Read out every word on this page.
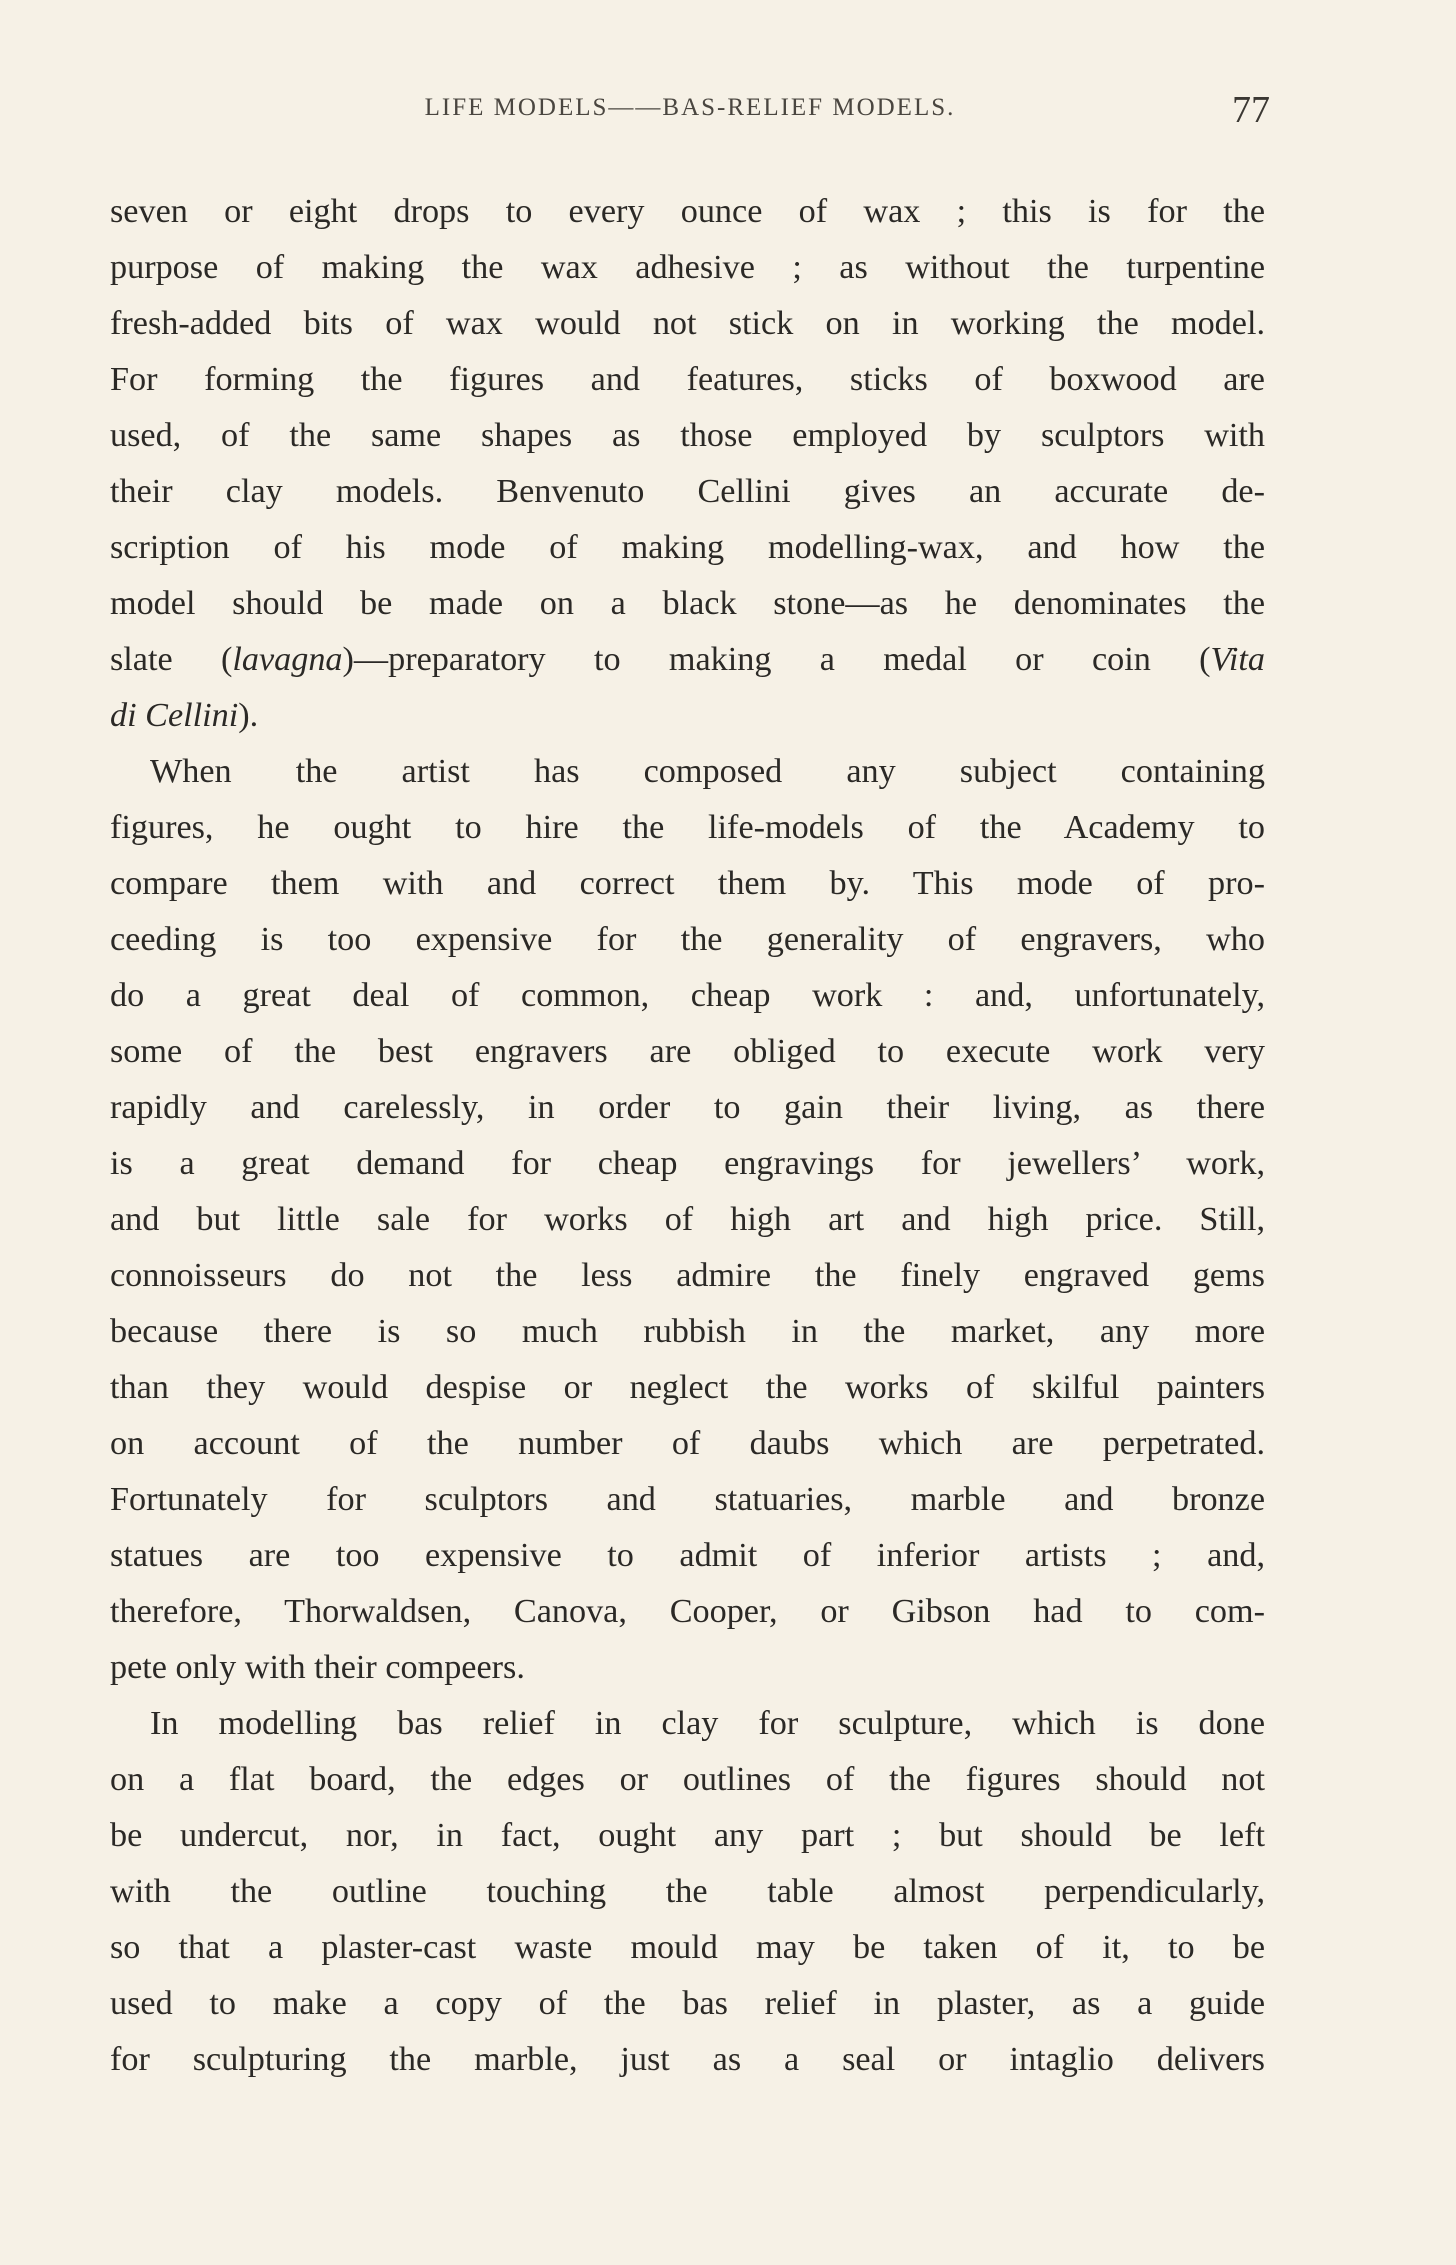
LIFE MODELS——BAS-RELIEF MODELS.	77
seven or eight drops to every ounce of wax ; this is for the
purpose of making the wax adhesive ; as without the turpentine
fresh-added bits of wax would not stick on in working the model.
For forming the figures and features, sticks of boxwood are
used, of the same shapes as those employed by sculptors with
their clay models. Benvenuto Cellini gives an accurate de-
scription of his mode of making modelling-wax, and how the
model should be made on a black stone—as he denominates the
slate (lavagna)—preparatory to making a medal or coin (Vita
di Cellini).
When the artist has composed any subject containing
figures, he ought to hire the life-models of the Academy to
compare them with and correct them by. This mode of pro-
ceeding is too expensive for the generality of engravers, who
do a great deal of common, cheap work : and, unfortunately,
some of the best engravers are obliged to execute work very
rapidly and carelessly, in order to gain their living, as there
is a great demand for cheap engravings for jewellers’ work,
and but little sale for works of high art and high price. Still,
connoisseurs do not the less admire the finely engraved gems
because there is so much rubbish in the market, any more
than they would despise or neglect the works of skilful painters
on account of the number of daubs which are perpetrated.
Fortunately for sculptors and statuaries, marble and bronze
statues are too expensive to admit of inferior artists ; and,
therefore, Thorwaldsen, Canova, Cooper, or Gibson had to com-
pete only with their compeers.
In modelling bas relief in clay for sculpture, which is done
on a flat board, the edges or outlines of the figures should not
be undercut, nor, in fact, ought any part ; but should be left
with the outline touching the table almost perpendicularly,
so that a plaster-cast waste mould may be taken of it, to be
used to make a copy of the bas relief in plaster, as a guide
for sculpturing the marble, just as a seal or intaglio delivers
